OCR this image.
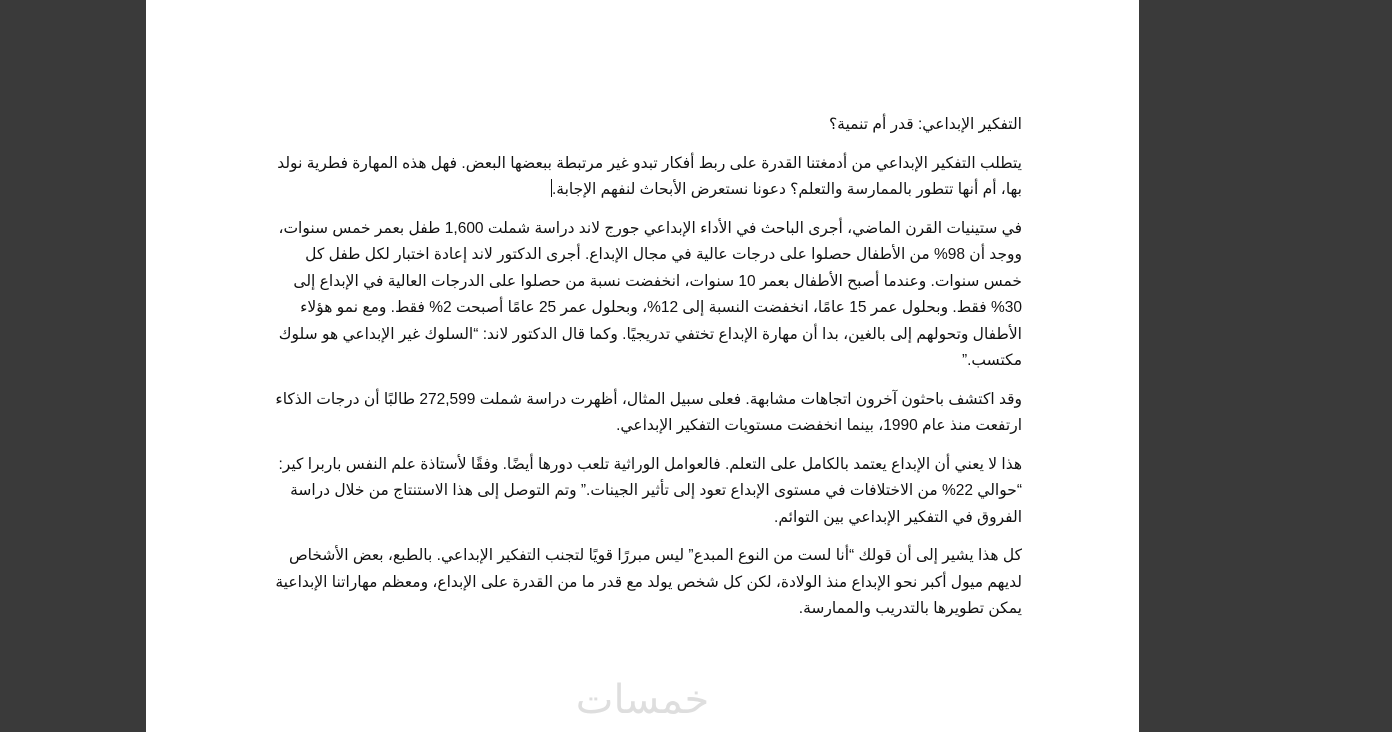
التفكير الإبداعي: قدر أم تنمية؟

يتطلب التفكير الإبداعي من أدمغتنا القدرة على ربط أفكار تبدو غير مرتبطة ببعضها البعض. فهل هذه المهارة فطرية نولد بها، أم أنها تتطور بالممارسة والتعلم؟ دعونا نستعرض الأبحاث لنفهم الإجابة.

في ستينيات القرن الماضي، أجرى الباحث في الأداء الإبداعي جورج لاند دراسة شملت 1,600 طفل بعمر خمس سنوات، ووجد أن 98% من الأطفال حصلوا على درجات عالية في مجال الإبداع. أجرى الدكتور لاند إعادة اختبار لكل طفل كل خمس سنوات. وعندما أصبح الأطفال بعمر 10 سنوات، انخفضت نسبة من حصلوا على الدرجات العالية في الإبداع إلى 30% فقط. وبحلول عمر 15 عامًا، انخفضت النسبة إلى 12%، وبحلول عمر 25 عامًا أصبحت 2% فقط. ومع نمو هؤلاء الأطفال وتحولهم إلى بالغين، بدا أن مهارة الإبداع تختفي تدريجيًا. وكما قال الدكتور لاند: “السلوك غير الإبداعي هو سلوك مكتسب.”

وقد اكتشف باحثون آخرون اتجاهات مشابهة. فعلى سبيل المثال، أظهرت دراسة شملت 272,599 طالبًا أن درجات الذكاء ارتفعت منذ عام 1990، بينما انخفضت مستويات التفكير الإبداعي.

هذا لا يعني أن الإبداع يعتمد بالكامل على التعلم. فالعوامل الوراثية تلعب دورها أيضًا. وفقًا لأستاذة علم النفس باربرا كير: “حوالي 22% من الاختلافات في مستوى الإبداع تعود إلى تأثير الجينات.” وتم التوصل إلى هذا الاستنتاج من خلال دراسة الفروق في التفكير الإبداعي بين التوائم.

كل هذا يشير إلى أن قولك “أنا لست من النوع المبدع” ليس مبررًا قويًا لتجنب التفكير الإبداعي. بالطبع، بعض الأشخاص لديهم ميول أكبر نحو الإبداع منذ الولادة، لكن كل شخص يولد مع قدر ما من القدرة على الإبداع، ومعظم مهاراتنا الإبداعية يمكن تطويرها بالتدريب والممارسة.

خمسات
